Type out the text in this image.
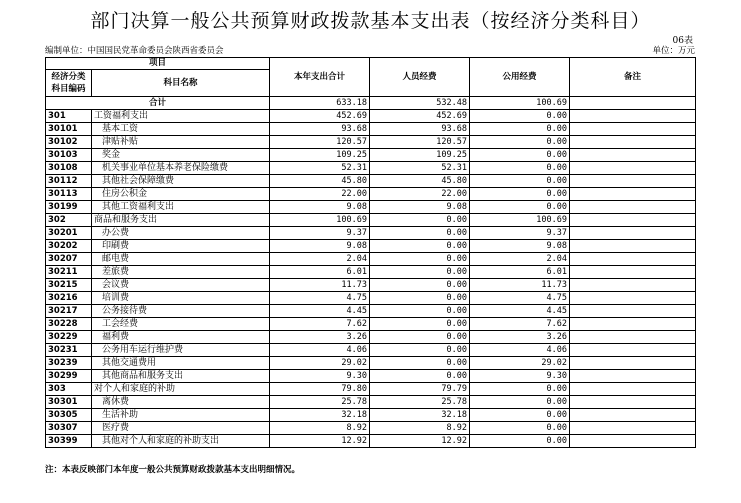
部门决算一般公共预算财政拨款基本支出表（按经济分类科目）
06表
编制单位：中国国民党革命委员会陕西省委员会	单位：万元
项目		本年支出合计	人员经费	公用经费	备注
经济分类科目编码	科目名称				
合计		633.18	532.48	100.69	
301	工资福利支出	452.69	452.69	0.00	
30101	基本工资	93.68	93.68	0.00	
30102	津贴补贴	120.57	120.57	0.00	
30103	奖金	109.25	109.25	0.00	
30108	机关事业单位基本养老保险缴费	52.31	52.31	0.00	
30112	其他社会保障缴费	45.80	45.80	0.00	
30113	住房公积金	22.00	22.00	0.00	
30199	其他工资福利支出	9.08	9.08	0.00	
302	商品和服务支出	100.69	0.00	100.69	
30201	办公费	9.37	0.00	9.37	
30202	印刷费	9.08	0.00	9.08	
30207	邮电费	2.04	0.00	2.04	
30211	差旅费	6.01	0.00	6.01	
30215	会议费	11.73	0.00	11.73	
30216	培训费	4.75	0.00	4.75	
30217	公务接待费	4.45	0.00	4.45	
30228	工会经费	7.62	0.00	7.62	
30229	福利费	3.26	0.00	3.26	
30231	公务用车运行维护费	4.06	0.00	4.06	
30239	其他交通费用	29.02	0.00	29.02	
30299	其他商品和服务支出	9.30	0.00	9.30	
303	对个人和家庭的补助	79.80	79.79	0.00	
30301	离休费	25.78	25.78	0.00	
30305	生活补助	32.18	32.18	0.00	
30307	医疗费	8.92	8.92	0.00	
30399	其他对个人和家庭的补助支出	12.92	12.92	0.00	
注：本表反映部门本年度一般公共预算财政拨款基本支出明细情况。
